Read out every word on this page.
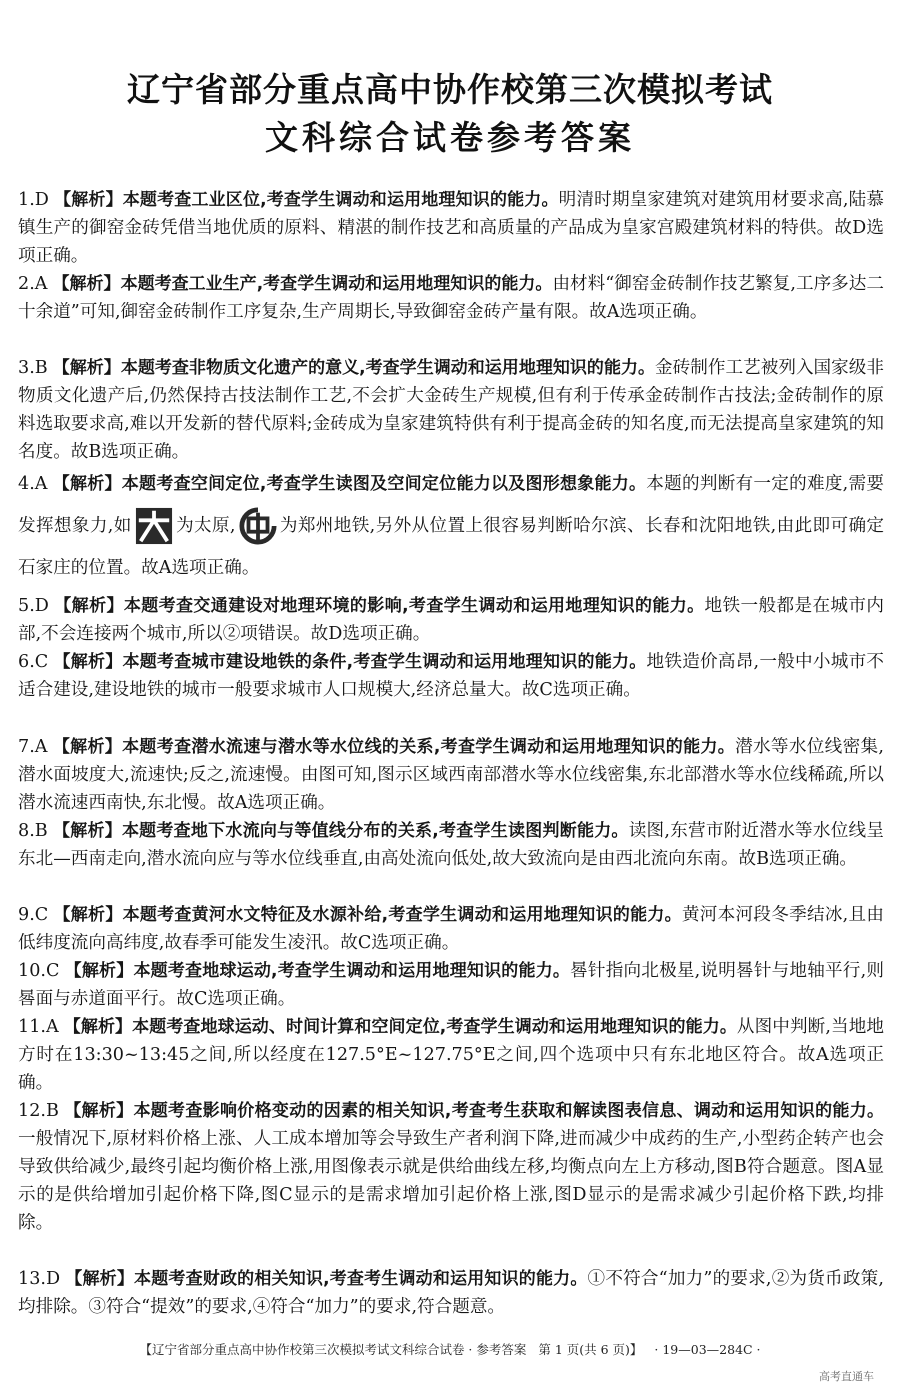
辽宁省部分重点高中协作校第三次模拟考试
文科综合试卷参考答案
1.D 【解析】本题考查工业区位,考查学生调动和运用地理知识的能力。明清时期皇家建筑对建筑用材要求高,陆慕镇生产的御窑金砖凭借当地优质的原料、精湛的制作技艺和高质量的产品成为皇家宫殿建筑材料的特供。故D选项正确。
2.A 【解析】本题考查工业生产,考查学生调动和运用地理知识的能力。由材料“御窑金砖制作技艺繁复,工序多达二十余道”可知,御窑金砖制作工序复杂,生产周期长,导致御窑金砖产量有限。故A选项正确。
3.B 【解析】本题考查非物质文化遗产的意义,考查学生调动和运用地理知识的能力。金砖制作工艺被列入国家级非物质文化遗产后,仍然保持古技法制作工艺,不会扩大金砖生产规模,但有利于传承金砖制作古技法;金砖制作的原料选取要求高,难以开发新的替代原料;金砖成为皇家建筑特供有利于提高金砖的知名度,而无法提高皇家建筑的知名度。故B选项正确。
4.A 【解析】本题考查空间定位,考查学生读图及空间定位能力以及图形想象能力。本题的判断有一定的难度,需要发挥想象力,如	为太原,	为郑州地铁,另外从位置上很容易判断哈尔滨、长春和沈阳地铁,由此即可确定石家庄的位置。故A选项正确。
5.D 【解析】本题考查交通建设对地理环境的影响,考查学生调动和运用地理知识的能力。地铁一般都是在城市内部,不会连接两个城市,所以②项错误。故D选项正确。
6.C 【解析】本题考查城市建设地铁的条件,考查学生调动和运用地理知识的能力。地铁造价高昂,一般中小城市不适合建设,建设地铁的城市一般要求城市人口规模大,经济总量大。故C选项正确。
7.A 【解析】本题考查潜水流速与潜水等水位线的关系,考查学生调动和运用地理知识的能力。潜水等水位线密集,潜水面坡度大,流速快;反之,流速慢。由图可知,图示区域西南部潜水等水位线密集,东北部潜水等水位线稀疏,所以潜水流速西南快,东北慢。故A选项正确。
8.B 【解析】本题考查地下水流向与等值线分布的关系,考查学生读图判断能力。读图,东营市附近潜水等水位线呈东北—西南走向,潜水流向应与等水位线垂直,由高处流向低处,故大致流向是由西北流向东南。故B选项正确。
9.C 【解析】本题考查黄河水文特征及水源补给,考查学生调动和运用地理知识的能力。黄河本河段冬季结冰,且由低纬度流向高纬度,故春季可能发生凌汛。故C选项正确。
10.C 【解析】本题考查地球运动,考查学生调动和运用地理知识的能力。晷针指向北极星,说明晷针与地轴平行,则晷面与赤道面平行。故C选项正确。
11.A 【解析】本题考查地球运动、时间计算和空间定位,考查学生调动和运用地理知识的能力。从图中判断,当地地方时在13:30~13:45之间,所以经度在127.5°E~127.75°E之间,四个选项中只有东北地区符合。故A选项正确。
12.B 【解析】本题考查影响价格变动的因素的相关知识,考查考生获取和解读图表信息、调动和运用知识的能力。一般情况下,原材料价格上涨、人工成本增加等会导致生产者利润下降,进而减少中成药的生产,小型药企转产也会导致供给减少,最终引起均衡价格上涨,用图像表示就是供给曲线左移,均衡点向左上方移动,图B符合题意。图A显示的是供给增加引起价格下降,图C显示的是需求增加引起价格上涨,图D显示的是需求减少引起价格下跌,均排除。
13.D 【解析】本题考查财政的相关知识,考查考生调动和运用知识的能力。①不符合“加力”的要求,②为货币政策,均排除。③符合“提效”的要求,④符合“加力”的要求,符合题意。
【辽宁省部分重点高中协作校第三次模拟考试文科综合试卷 · 参考答案 第 1 页(共 6 页)】 · 19—03—284C ·
高考直通车
